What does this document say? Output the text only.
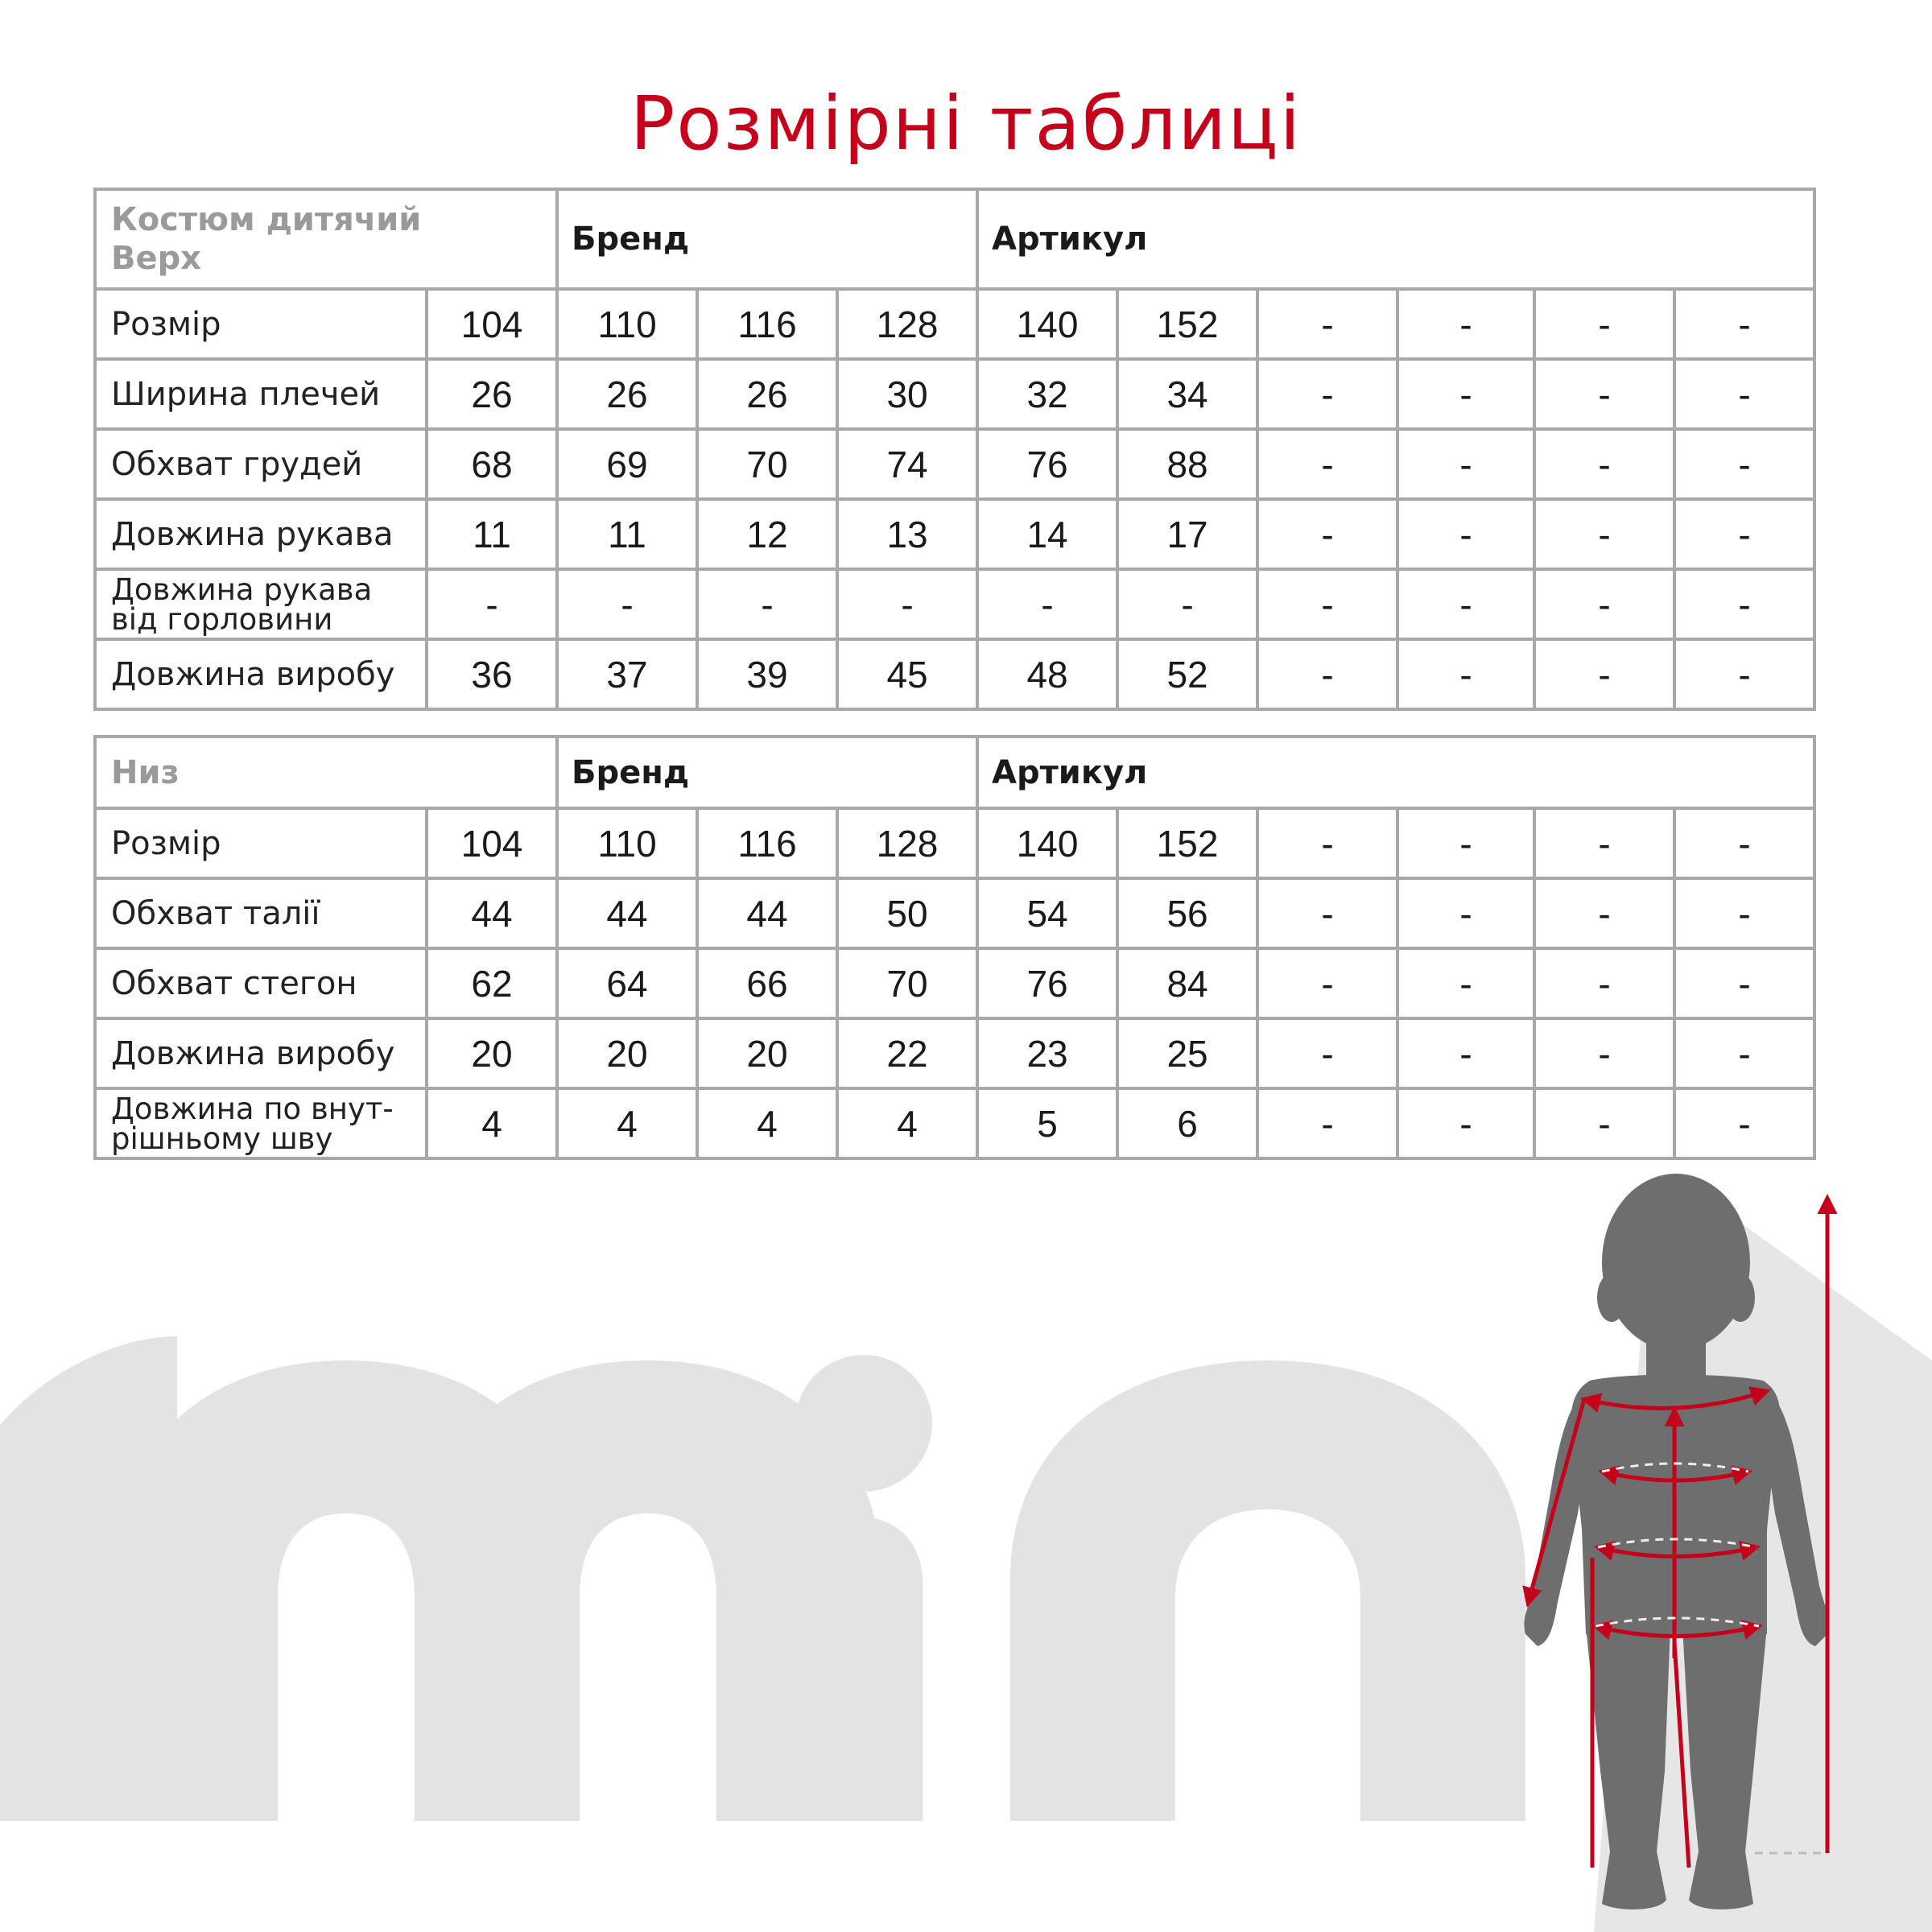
Розмірні таблиці
Костюм дитячий
Верх		Бренд			Артикул					
Розмір	104	110	116	128	140	152	-	-	-	-
Ширина плечей	26	26	26	30	32	34	-	-	-	-
Обхват грудей	68	69	70	74	76	88	-	-	-	-
Довжина рукава	11	11	12	13	14	17	-	-	-	-

Довжина рукава
від горловини	-	-	-	-	-	-	-	-	-	-
Довжина виробу	36	37	39	45	48	52	-	-	-	-
Низ		Бренд			Артикул					
Розмір	104	110	116	128	140	152	-	-	-	-
Обхват талії	44	44	44	50	54	56	-	-	-	-
Обхват стегон	62	64	66	70	76	84	-	-	-	-
Довжина виробу	20	20	20	22	23	25	-	-	-	-

Довжина по внут-
рішньому шву	4	4	4	4	5	6	-	-	-	-
